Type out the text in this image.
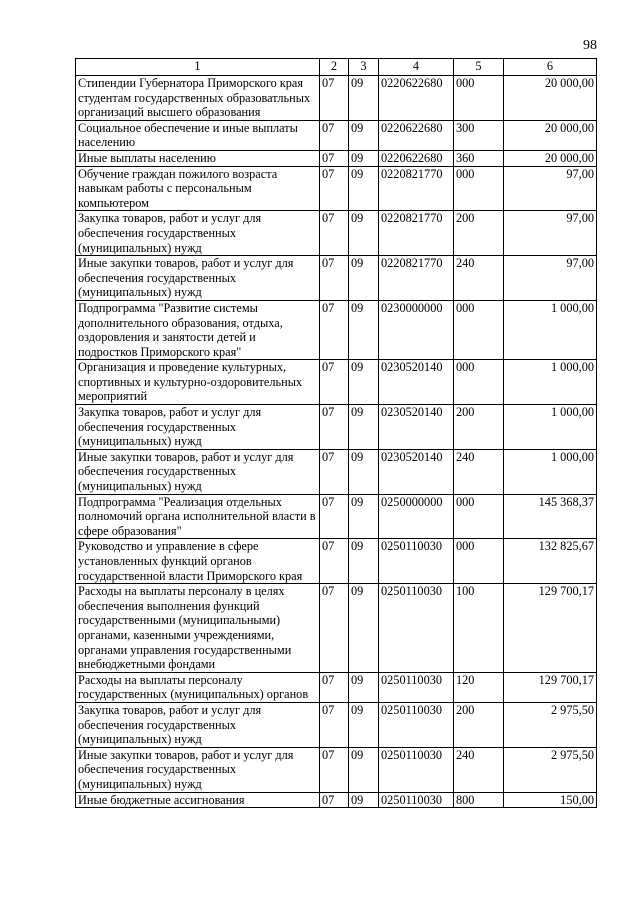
98
1	2	3	4	5	6
Стипендии Губернатора Приморского края студентам государственных образоватльных организаций высшего образования	07	09	0220622680	000	20 000,00
Социальное обеспечение и иные выплаты населению	07	09	0220622680	300	20 000,00
Иные выплаты населению	07	09	0220622680	360	20 000,00
Обучение граждан пожилого возраста навыкам работы с персональным компьютером	07	09	0220821770	000	97,00
Закупка товаров, работ и услуг для обеспечения государственных (муниципальных) нужд	07	09	0220821770	200	97,00
Иные закупки товаров, работ и услуг для обеспечения государственных (муниципальных) нужд	07	09	0220821770	240	97,00
Подпрограмма "Развитие системы дополнительного образования, отдыха, оздоровления и занятости детей и подростков Приморского края"	07	09	0230000000	000	1 000,00
Организация и проведение культурных, спортивных и культурно-оздоровительных мероприятий	07	09	0230520140	000	1 000,00
Закупка товаров, работ и услуг для обеспечения государственных (муниципальных) нужд	07	09	0230520140	200	1 000,00
Иные закупки товаров, работ и услуг для обеспечения государственных (муниципальных) нужд	07	09	0230520140	240	1 000,00
Подпрограмма "Реализация отдельных полномочий органа исполнительной власти в сфере образования"	07	09	0250000000	000	145 368,37
Руководство и управление в сфере установленных функций органов государственной власти Приморского края	07	09	0250110030	000	132 825,67
Расходы на выплаты персоналу в целях обеспечения выполнения функций государственными (муниципальными) органами, казенными учреждениями, органами управления государственными внебюджетными фондами	07	09	0250110030	100	129 700,17
Расходы на выплаты персоналу государственных (муниципальных) органов	07	09	0250110030	120	129 700,17
Закупка товаров, работ и услуг для обеспечения государственных (муниципальных) нужд	07	09	0250110030	200	2 975,50
Иные закупки товаров, работ и услуг для обеспечения государственных (муниципальных) нужд	07	09	0250110030	240	2 975,50
Иные бюджетные ассигнования	07	09	0250110030	800	150,00
